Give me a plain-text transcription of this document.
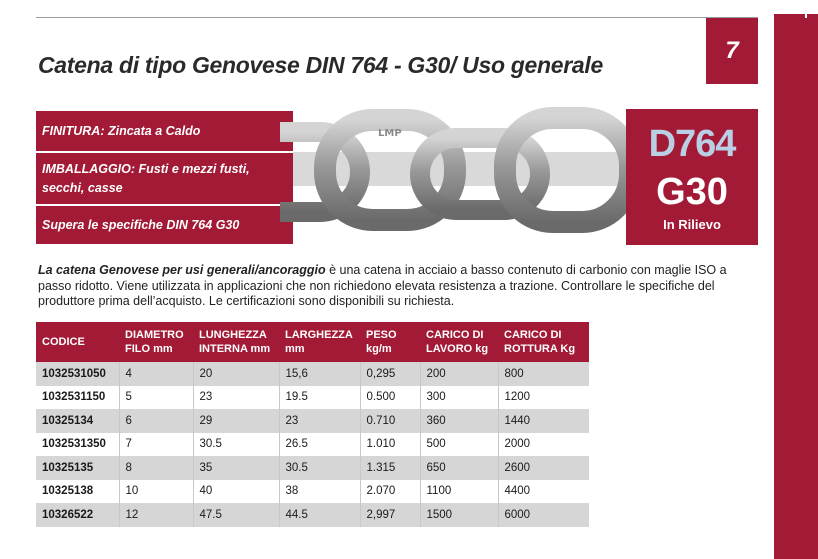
Catena di tipo Genovese DIN 764 - G30/ Uso generale
7
FINITURA: Zincata a Caldo
IMBALLAGGIO: Fusti e mezzi fusti, secchi, casse
Supera le specifiche DIN 764 G30
LMP	D764
G30
In Rilievo

La catena Genovese per usi generali/ancoraggio è una catena in acciaio a basso contenuto di carbonio con maglie ISO a passo ridotto. Viene utilizzata in applicazioni che non richiedono elevata resistenza a trazione. Controllare le specifiche del produttore prima dell’acquisto. Le certificazioni sono disponibili su richiesta.

CODICE	DIAMETRO FILO mm	LUNGHEZZA INTERNA mm	LARGHEZZA mm	PESO kg/m	CARICO DI LAVORO kg	CARICO DI ROTTURA Kg
1032531050	4	20	15,6	0,295	200	800
1032531150	5	23	19.5	0.500	300	1200
10325134	6	29	23	0.710	360	1440
1032531350	7	30.5	26.5	1.010	500	2000
10325135	8	35	30.5	1.315	650	2600
10325138	10	40	38	2.070	1100	4400
10326522	12	47.5	44.5	2,997	1500	6000
